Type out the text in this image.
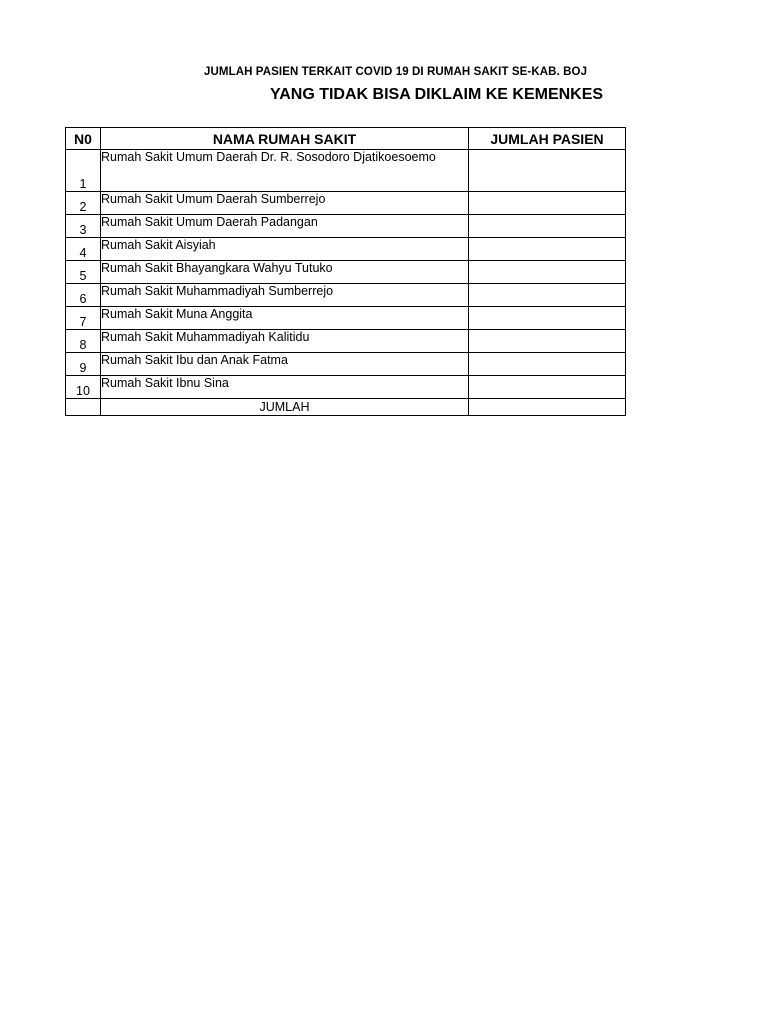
JUMLAH PASIEN TERKAIT COVID 19 DI RUMAH SAKIT SE-KAB. BOJ
YANG TIDAK BISA DIKLAIM KE KEMENKES
N0	NAMA RUMAH SAKIT	JUMLAH PASIEN
1	Rumah Sakit Umum Daerah Dr. R. Sosodoro Djatikoesoemo	
2	Rumah Sakit Umum Daerah Sumberrejo	
3	Rumah Sakit Umum Daerah Padangan	
4	Rumah Sakit Aisyiah	
5	Rumah Sakit Bhayangkara Wahyu Tutuko	
6	Rumah Sakit Muhammadiyah Sumberrejo	
7	Rumah Sakit Muna Anggita	
8	Rumah Sakit Muhammadiyah Kalitidu	
9	Rumah Sakit Ibu dan Anak Fatma	
10	Rumah Sakit Ibnu Sina	
	JUMLAH	
